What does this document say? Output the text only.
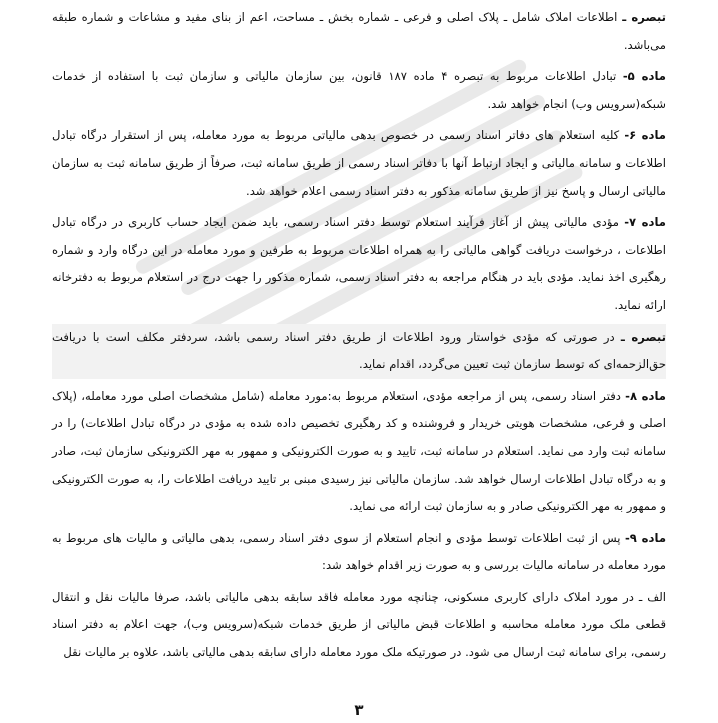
تبصره ـ اطلاعات املاک شامل ـ پلاک اصلی و فرعی ـ شماره بخش ـ مساحت، اعم از بنای مفید و مشاعات و شماره طبقه می‌باشد.

ماده ۵- تبادل اطلاعات مربوط به تبصره ۴ ماده ۱۸۷ قانون، بین سازمان مالیاتی و سازمان ثبت با استفاده از خدمات شبکه(سرویس وب) انجام خواهد شد.

ماده ۶- کلیه استعلام های دفاتر اسناد رسمی در خصوص بدهی مالیاتی مربوط به مورد معامله، پس از استقرار درگاه تبادل اطلاعات و سامانه مالیاتی و ایجاد ارتباط آنها با دفاتر اسناد رسمی از طریق سامانه ثبت، صرفاً از طریق سامانه ثبت به سازمان مالیاتی ارسال و پاسخ نیز از طریق سامانه مذکور به دفتر اسناد رسمی اعلام خواهد شد.

ماده ۷- مؤدی مالیاتی پیش از آغاز فرآیند استعلام توسط دفتر اسناد رسمی، باید ضمن ایجاد حساب کاربری در درگاه تبادل اطلاعات ، درخواست دریافت گواهی مالیاتی را به همراه اطلاعات مربوط به طرفین و مورد معامله در این درگاه وارد و شماره رهگیری اخذ نماید. مؤدی باید در هنگام مراجعه به دفتر اسناد رسمی، شماره مذکور را جهت درج در استعلام مربوط به دفترخانه ارائه نماید.

تبصره ـ در صورتی که مؤدی خواستار ورود اطلاعات از طریق دفتر اسناد رسمی باشد، سردفتر مکلف است با دریافت حق‌الزحمه‌ای که توسط سازمان ثبت تعیین می‌گردد، اقدام نماید.

ماده ۸- دفتر اسناد رسمی، پس از مراجعه مؤدی، استعلام مربوط به:مورد معامله (شامل مشخصات اصلی مورد معامله، (پلاک اصلی و فرعی، مشخصات هویتی خریدار و فروشنده و کد رهگیری تخصیص داده شده به مؤدی در درگاه تبادل اطلاعات) را در سامانه ثبت وارد می نماید. استعلام در سامانه ثبت، تایید و به صورت الکترونیکی و ممهور به مهر الکترونیکی سازمان ثبت، صادر و به درگاه تبادل اطلاعات ارسال خواهد شد. سازمان مالیاتی نیز رسیدی مبنی بر تایید دریافت اطلاعات را، به صورت الکترونیکی و ممهور به مهر الکترونیکی صادر و به سازمان ثبت ارائه می نماید.

ماده ۹- پس از ثبت اطلاعات توسط مؤدی و انجام استعلام از سوی دفتر اسناد رسمی، بدهی مالیاتی و مالیات های مربوط به مورد معامله در سامانه مالیات بررسی و به صورت زیر اقدام خواهد شد:

الف ـ در مورد املاک دارای کاربری مسکونی، چنانچه مورد معامله فاقد سابقه بدهی مالیاتی باشد، صرفا مالیات نقل و انتقال قطعی ملک مورد معامله محاسبه و اطلاعات قبض مالیاتی از طریق خدمات شبکه(سرویس وب)، جهت اعلام به دفتر اسناد رسمی، برای سامانه ثبت ارسال می شود. در صورتیکه ملک مورد معامله دارای سابقه بدهی مالیاتی باشد، علاوه بر مالیات نقل

۳
